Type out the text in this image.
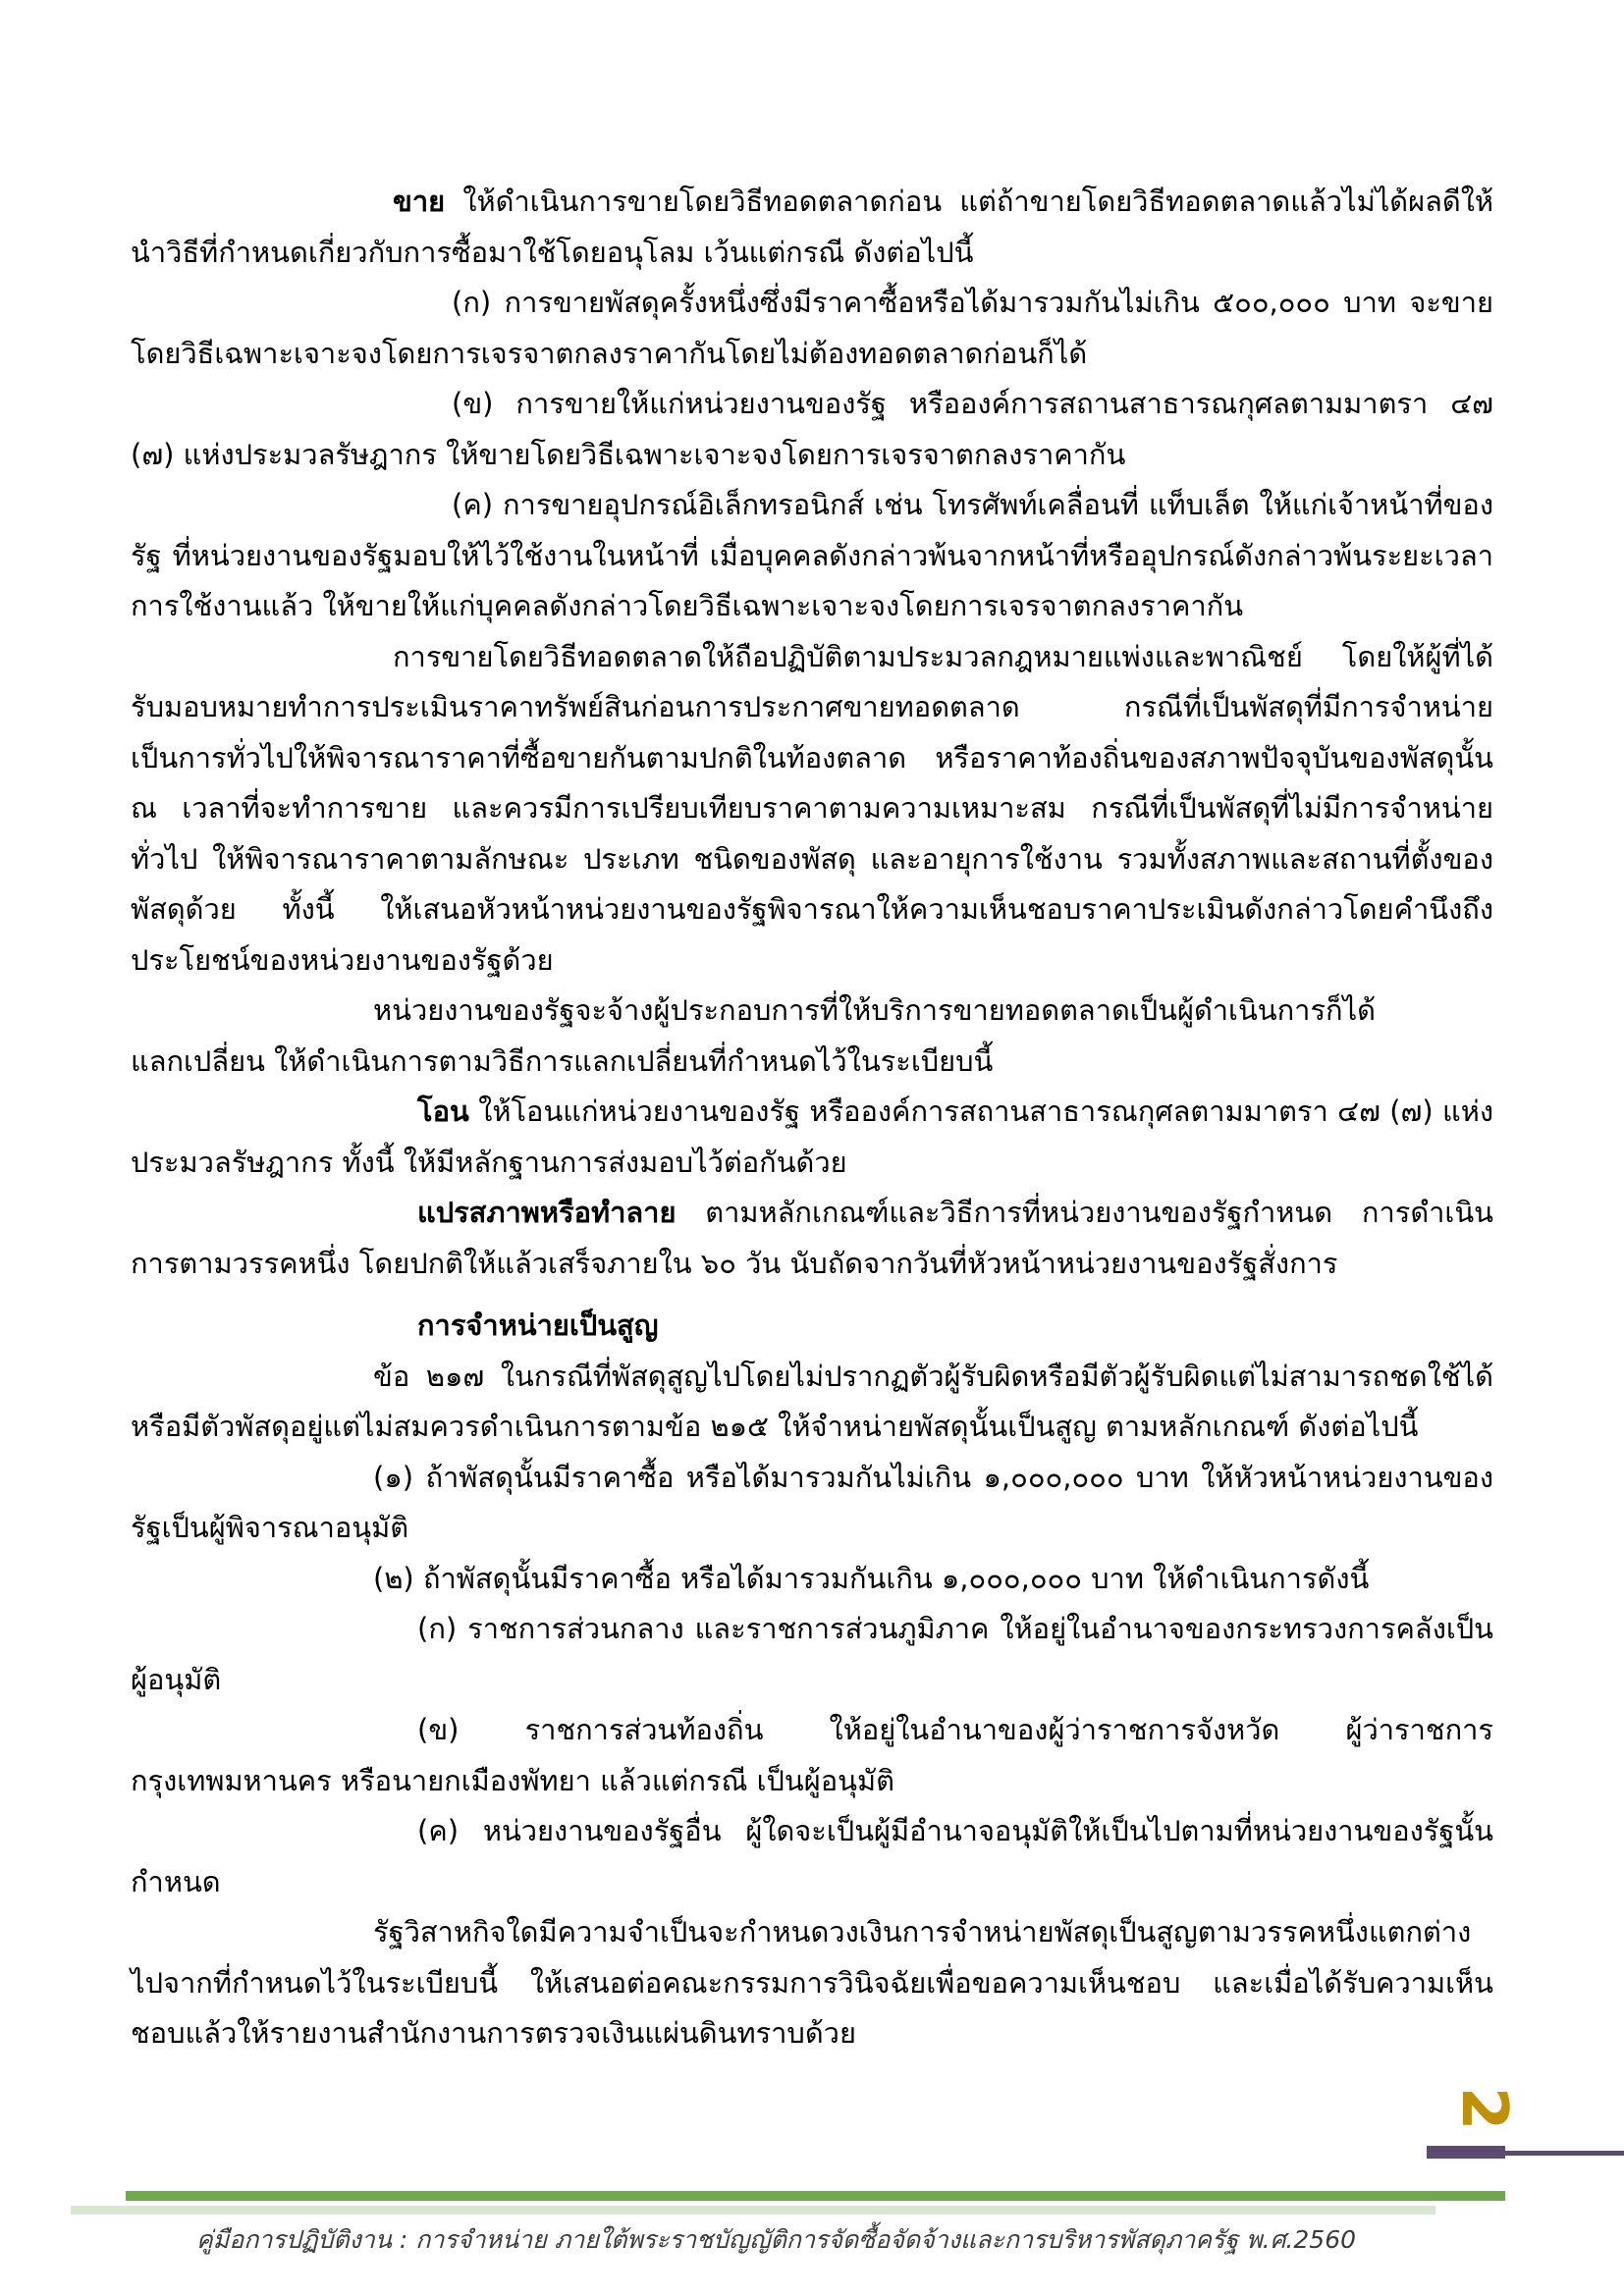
ขาย ให้ดำเนินการขายโดยวิธีทอดตลาดก่อน แต่ถ้าขายโดยวิธีทอดตลาดแล้วไม่ได้ผลดีให้นำวิธีที่กำหนดเกี่ยวกับการซื้อมาใช้โดยอนุโลม เว้นแต่กรณี ดังต่อไปนี้

(ก) การขายพัสดุครั้งหนึ่งซึ่งมีราคาซื้อหรือได้มารวมกันไม่เกิน ๕๐๐,๐๐๐ บาท จะขายโดยวิธีเฉพาะเจาะจงโดยการเจรจาตกลงราคากันโดยไม่ต้องทอดตลาดก่อนก็ได้

(ข) การขายให้แก่หน่วยงานของรัฐ หรือองค์การสถานสาธารณกุศลตามมาตรา ๔๗ (๗) แห่งประมวลรัษฎากร ให้ขายโดยวิธีเฉพาะเจาะจงโดยการเจรจาตกลงราคากัน

(ค) การขายอุปกรณ์อิเล็กทรอนิกส์ เช่น โทรศัพท์เคลื่อนที่ แท็บเล็ต ให้แก่เจ้าหน้าที่ของรัฐ ที่หน่วยงานของรัฐมอบให้ไว้ใช้งานในหน้าที่ เมื่อบุคคลดังกล่าวพ้นจากหน้าที่หรืออุปกรณ์ดังกล่าวพ้นระยะเวลาการใช้งานแล้ว ให้ขายให้แก่บุคคลดังกล่าวโดยวิธีเฉพาะเจาะจงโดยการเจรจาตกลงราคากัน

การขายโดยวิธีทอดตลาดให้ถือปฏิบัติตามประมวลกฎหมายแพ่งและพาณิชย์ โดยให้ผู้ที่ได้รับมอบหมายทำการประเมินราคาทรัพย์สินก่อนการประกาศขายทอดตลาด กรณีที่เป็นพัสดุที่มีการจำหน่ายเป็นการทั่วไปให้พิจารณาราคาที่ซื้อขายกันตามปกติในท้องตลาด หรือราคาท้องถิ่นของสภาพปัจจุบันของพัสดุนั้น ณ เวลาที่จะทำการขาย และควรมีการเปรียบเทียบราคาตามความเหมาะสม กรณีที่เป็นพัสดุที่ไม่มีการจำหน่ายทั่วไป ให้พิจารณาราคาตามลักษณะ ประเภท ชนิดของพัสดุ และอายุการใช้งาน รวมทั้งสภาพและสถานที่ตั้งของพัสดุด้วย ทั้งนี้ ให้เสนอหัวหน้าหน่วยงานของรัฐพิจารณาให้ความเห็นชอบราคาประเมินดังกล่าวโดยคำนึงถึงประโยชน์ของหน่วยงานของรัฐด้วย

หน่วยงานของรัฐจะจ้างผู้ประกอบการที่ให้บริการขายทอดตลาดเป็นผู้ดำเนินการก็ได้

แลกเปลี่ยน ให้ดำเนินการตามวิธีการแลกเปลี่ยนที่กำหนดไว้ในระเบียบนี้

โอน ให้โอนแก่หน่วยงานของรัฐ หรือองค์การสถานสาธารณกุศลตามมาตรา ๔๗ (๗) แห่งประมวลรัษฎากร ทั้งนี้ ให้มีหลักฐานการส่งมอบไว้ต่อกันด้วย

แปรสภาพหรือทำลาย ตามหลักเกณฑ์และวิธีการที่หน่วยงานของรัฐกำหนด การดำเนินการตามวรรคหนึ่ง โดยปกติให้แล้วเสร็จภายใน ๖๐ วัน นับถัดจากวันที่หัวหน้าหน่วยงานของรัฐสั่งการ

การจำหน่ายเป็นสูญ

ข้อ ๒๑๗ ในกรณีที่พัสดุสูญไปโดยไม่ปรากฏตัวผู้รับผิดหรือมีตัวผู้รับผิดแต่ไม่สามารถชดใช้ได้ หรือมีตัวพัสดุอยู่แต่ไม่สมควรดำเนินการตามข้อ ๒๑๕ ให้จำหน่ายพัสดุนั้นเป็นสูญ ตามหลักเกณฑ์ ดังต่อไปนี้

(๑) ถ้าพัสดุนั้นมีราคาซื้อ หรือได้มารวมกันไม่เกิน ๑,๐๐๐,๐๐๐ บาท ให้หัวหน้าหน่วยงานของรัฐเป็นผู้พิจารณาอนุมัติ

(๒) ถ้าพัสดุนั้นมีราคาซื้อ หรือได้มารวมกันเกิน ๑,๐๐๐,๐๐๐ บาท ให้ดำเนินการดังนี้

(ก) ราชการส่วนกลาง และราชการส่วนภูมิภาค ให้อยู่ในอำนาจของกระทรวงการคลังเป็นผู้อนุมัติ

(ข) ราชการส่วนท้องถิ่น ให้อยู่ในอำนาของผู้ว่าราชการจังหวัด ผู้ว่าราชการกรุงเทพมหานคร หรือนายกเมืองพัทยา แล้วแต่กรณี เป็นผู้อนุมัติ

(ค) หน่วยงานของรัฐอื่น ผู้ใดจะเป็นผู้มีอำนาจอนุมัติให้เป็นไปตามที่หน่วยงานของรัฐนั้นกำหนด

รัฐวิสาหกิจใดมีความจำเป็นจะกำหนดวงเงินการจำหน่ายพัสดุเป็นสูญตามวรรคหนึ่งแตกต่างไปจากที่กำหนดไว้ในระเบียบนี้ ให้เสนอต่อคณะกรรมการวินิจฉัยเพื่อขอความเห็นชอบ และเมื่อได้รับความเห็นชอบแล้วให้รายงานสำนักงานการตรวจเงินแผ่นดินทราบด้วย

2
คู่มือการปฏิบัติงาน : การจำหน่าย ภายใต้พระราชบัญญัติการจัดซื้อจัดจ้างและการบริหารพัสดุภาครัฐ พ.ศ.2560
